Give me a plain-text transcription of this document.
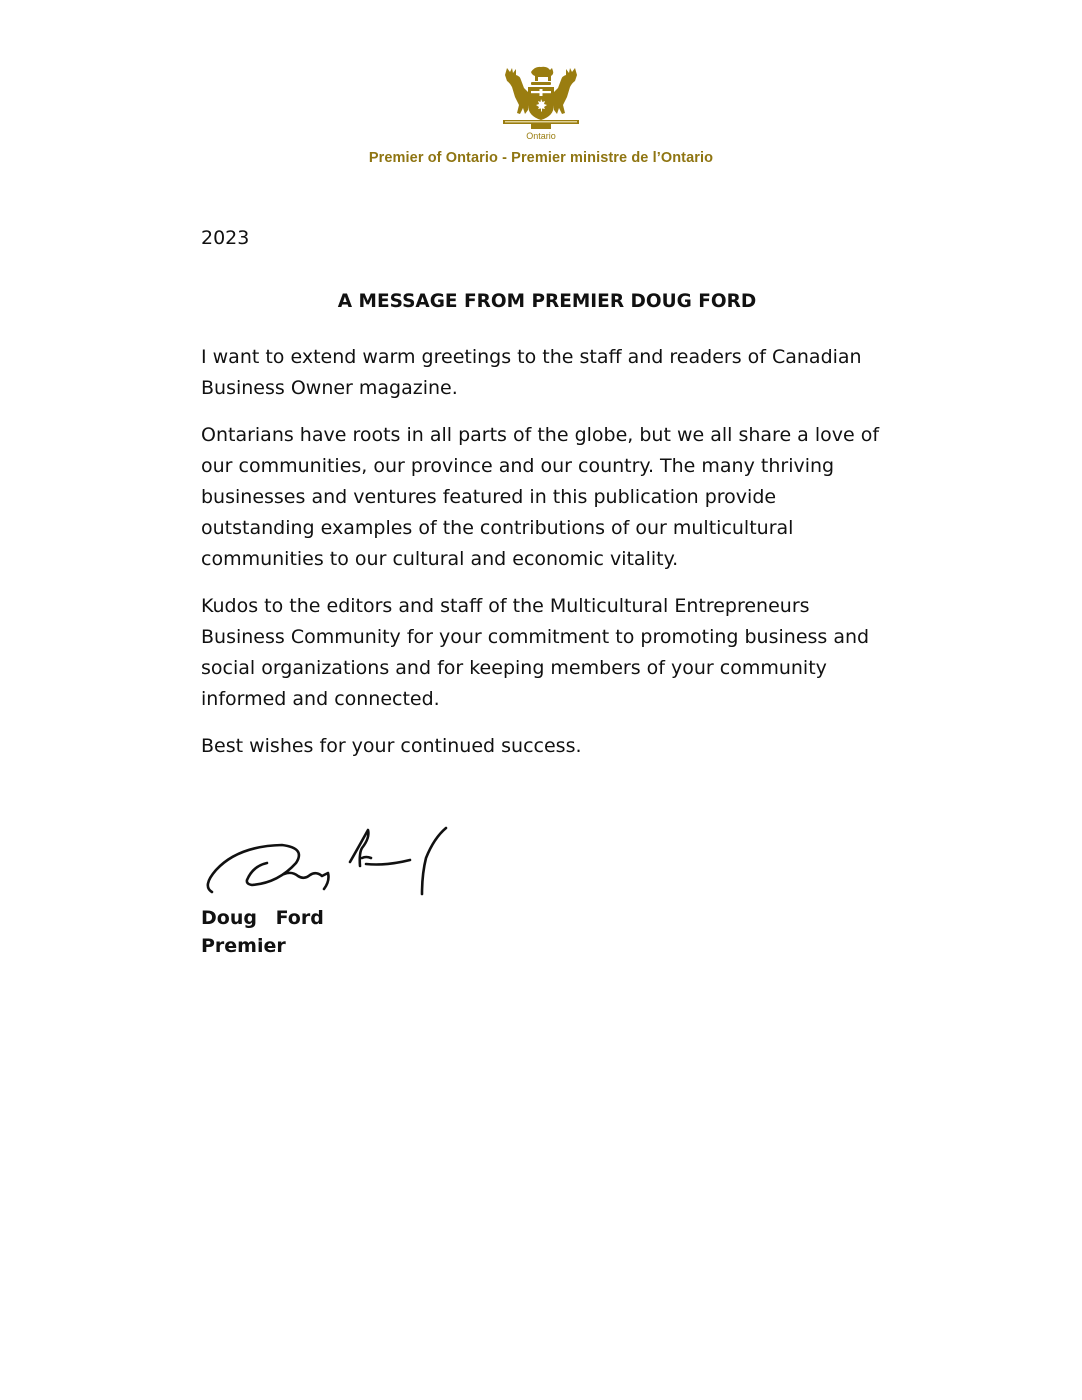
Ontario
Premier of Ontario - Premier ministre de l’Ontario

2023

A MESSAGE FROM PREMIER DOUG FORD

I want to extend warm greetings to the staff and readers of Canadian Business Owner magazine.

Ontarians have roots in all parts of the globe, but we all share a love of our communities, our province and our country. The many thriving businesses and ventures featured in this publication provide outstanding examples of the contributions of our multicultural communities to our cultural and economic vitality.

Kudos to the editors and staff of the Multicultural Entrepreneurs Business Community for your commitment to promoting business and social organizations and for keeping members of your community informed and connected.

Best wishes for your continued success.

Doug Ford
Premier
